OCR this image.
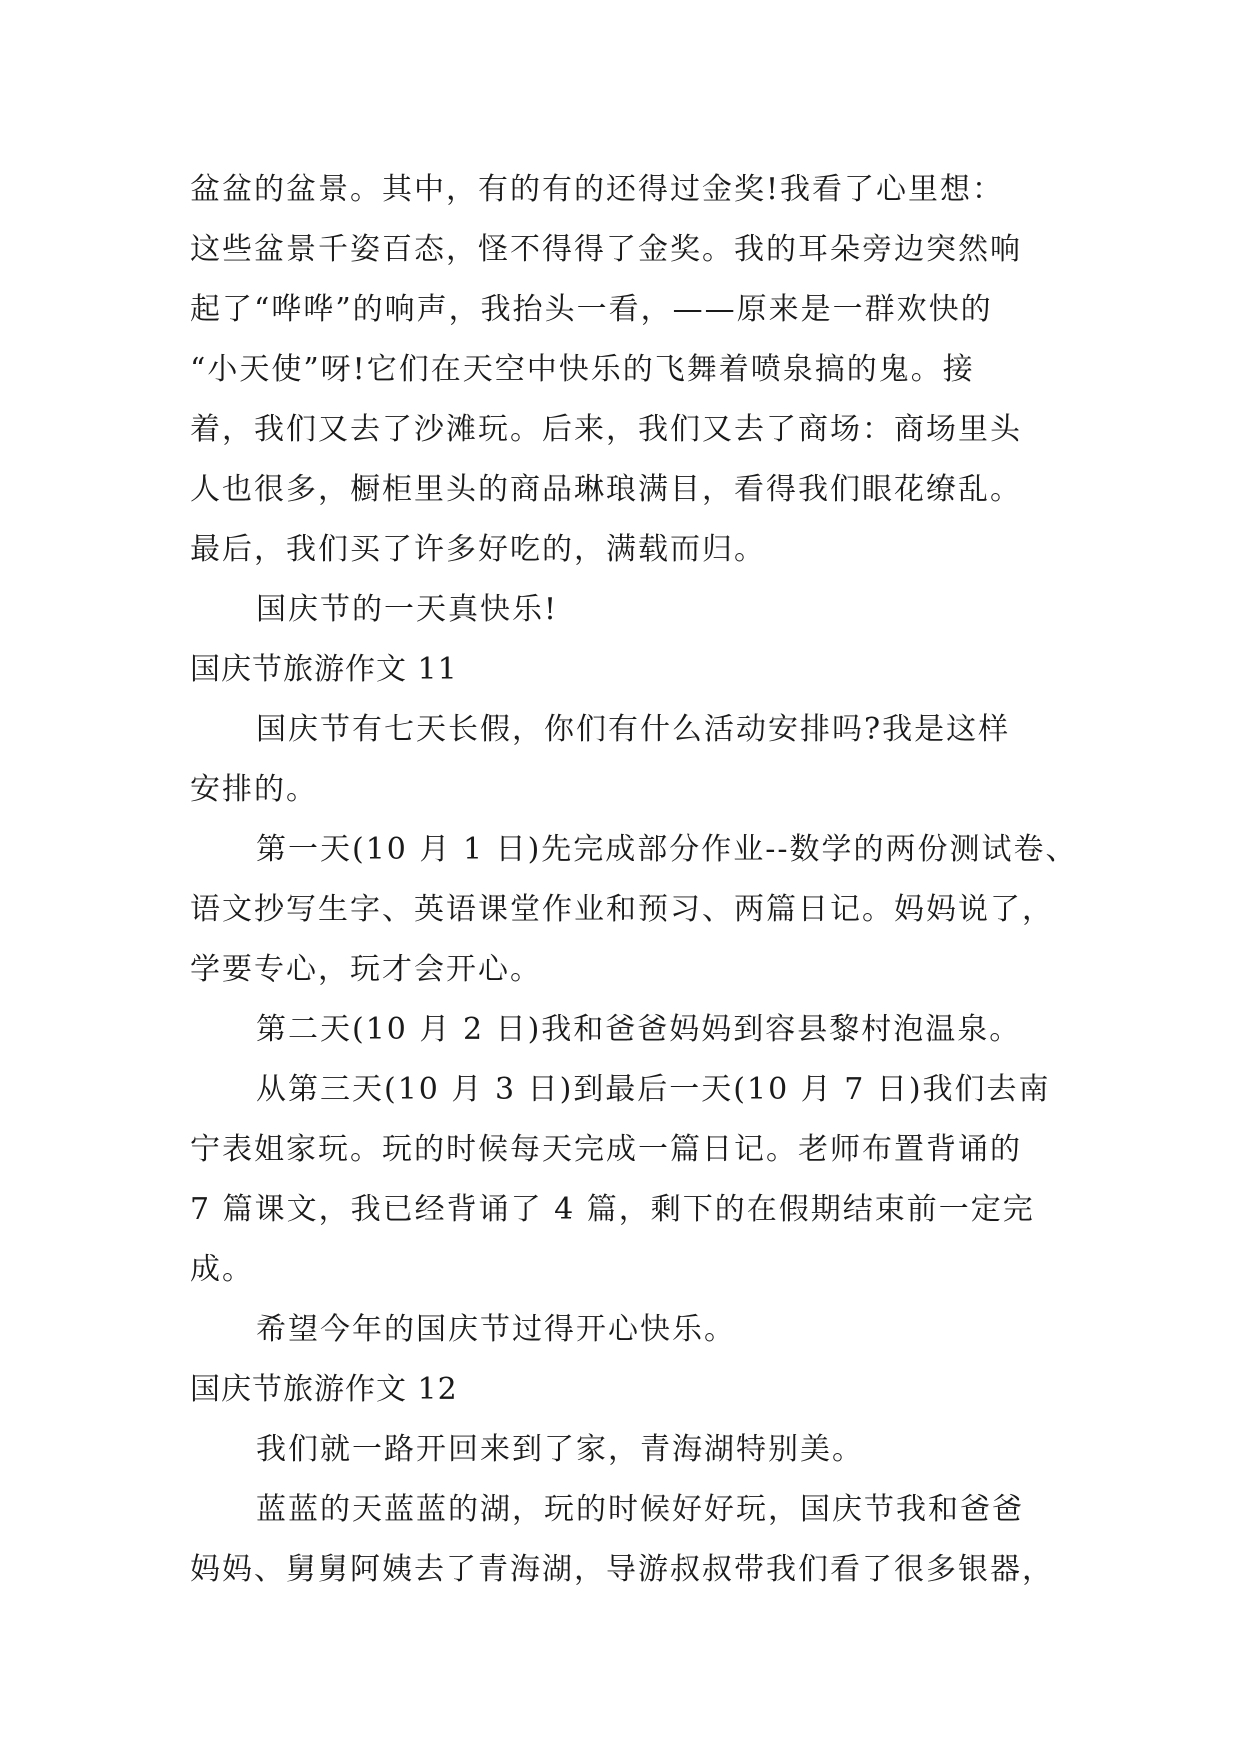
盆盆的盆景。其中，有的有的还得过金奖!我看了心里想：
这些盆景千姿百态，怪不得得了金奖。我的耳朵旁边突然响
起了“哗哗”的响声，我抬头一看，——原来是一群欢快的
“小天使”呀!它们在天空中快乐的飞舞着喷泉搞的鬼。接
着，我们又去了沙滩玩。后来，我们又去了商场：商场里头
人也很多，橱柜里头的商品琳琅满目，看得我们眼花缭乱。
最后，我们买了许多好吃的，满载而归。
国庆节的一天真快乐!
国庆节旅游作文 11
国庆节有七天长假，你们有什么活动安排吗?我是这样
安排的。
第一天(10 月 1 日)先完成部分作业--数学的两份测试卷、
语文抄写生字、英语课堂作业和预习、两篇日记。妈妈说了，
学要专心，玩才会开心。
第二天(10 月 2 日)我和爸爸妈妈到容县黎村泡温泉。
从第三天(10 月 3 日)到最后一天(10 月 7 日)我们去南
宁表姐家玩。玩的时候每天完成一篇日记。老师布置背诵的
7 篇课文，我已经背诵了 4 篇，剩下的在假期结束前一定完
成。
希望今年的国庆节过得开心快乐。
国庆节旅游作文 12
我们就一路开回来到了家，青海湖特别美。
蓝蓝的天蓝蓝的湖，玩的时候好好玩，国庆节我和爸爸
妈妈、舅舅阿姨去了青海湖，导游叔叔带我们看了很多银器，
